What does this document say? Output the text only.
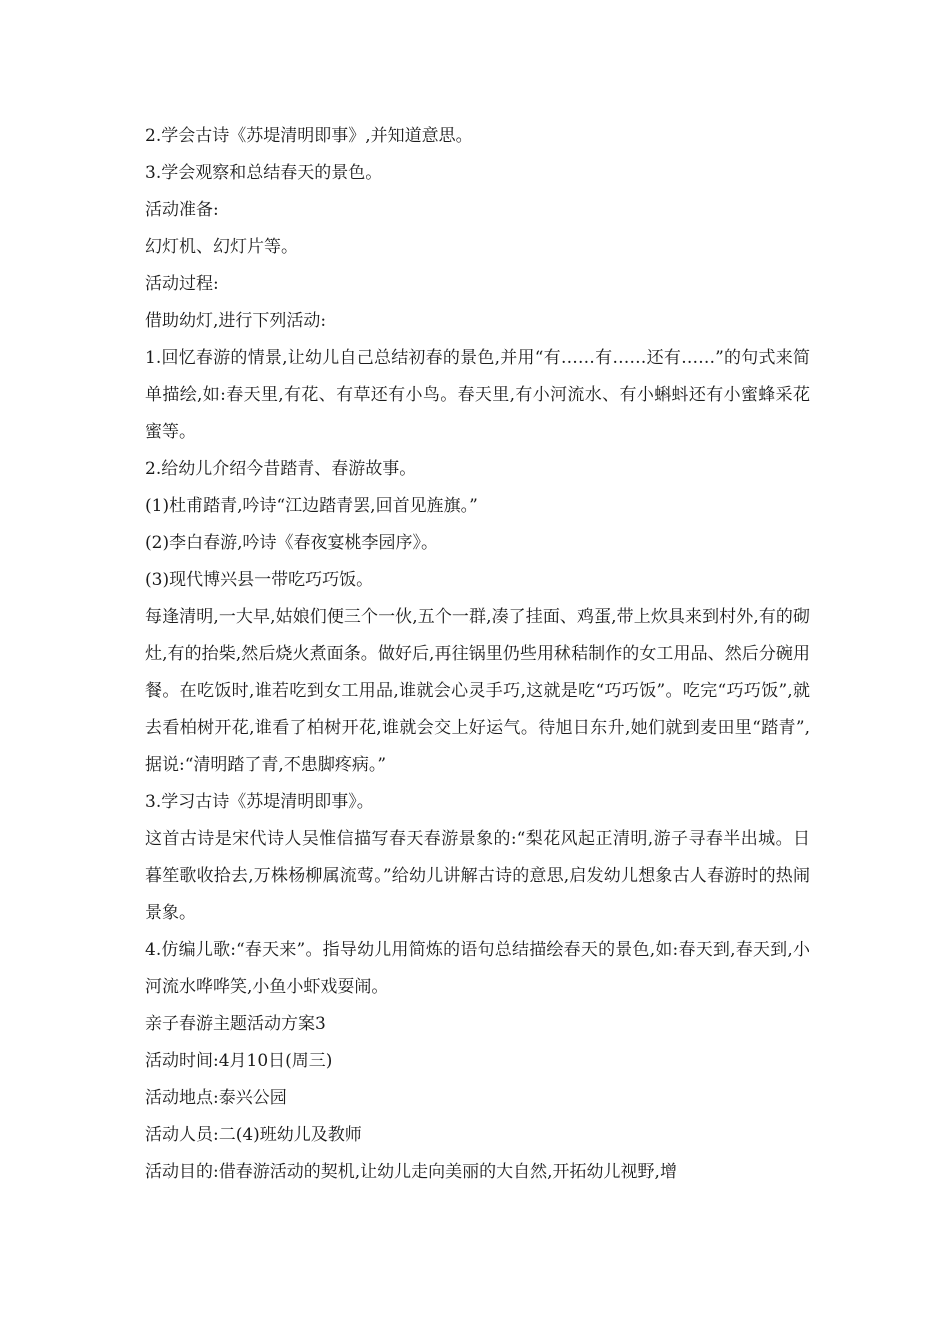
2.学会古诗《苏堤清明即事》,并知道意思。

3.学会观察和总结春天的景色。

活动准备:

幻灯机、幻灯片等。

活动过程:

借助幼灯,进行下列活动:

1.回忆春游的情景,让幼儿自己总结初春的景色,并用“有……有……还有……”的句式来简单描绘,如:春天里,有花、有草还有小鸟。春天里,有小河流水、有小蝌蚪还有小蜜蜂采花蜜等。

2.给幼儿介绍今昔踏青、春游故事。

(1)杜甫踏青,吟诗“江边踏青罢,回首见旌旗。”

(2)李白春游,吟诗《春夜宴桃李园序》。

(3)现代博兴县一带吃巧巧饭。

每逢清明,一大早,姑娘们便三个一伙,五个一群,凑了挂面、鸡蛋,带上炊具来到村外,有的砌灶,有的抬柴,然后烧火煮面条。做好后,再往锅里仍些用秫秸制作的女工用品、然后分碗用餐。在吃饭时,谁若吃到女工用品,谁就会心灵手巧,这就是吃“巧巧饭”。吃完“巧巧饭”,就去看柏树开花,谁看了柏树开花,谁就会交上好运气。待旭日东升,她们就到麦田里“踏青”,据说:“清明踏了青,不患脚疼病。”

3.学习古诗《苏堤清明即事》。

这首古诗是宋代诗人吴惟信描写春天春游景象的:“梨花风起正清明,游子寻春半出城。日暮笙歌收拾去,万株杨柳属流莺。”给幼儿讲解古诗的意思,启发幼儿想象古人春游时的热闹景象。

4.仿编儿歌:“春天来”。指导幼儿用简炼的语句总结描绘春天的景色,如:春天到,春天到,小河流水哗哗笑,小鱼小虾戏耍闹。

亲子春游主题活动方案3

活动时间:4月10日(周三)

活动地点:泰兴公园

活动人员:二(4)班幼儿及教师

活动目的:借春游活动的契机,让幼儿走向美丽的大自然,开拓幼儿视野,增
